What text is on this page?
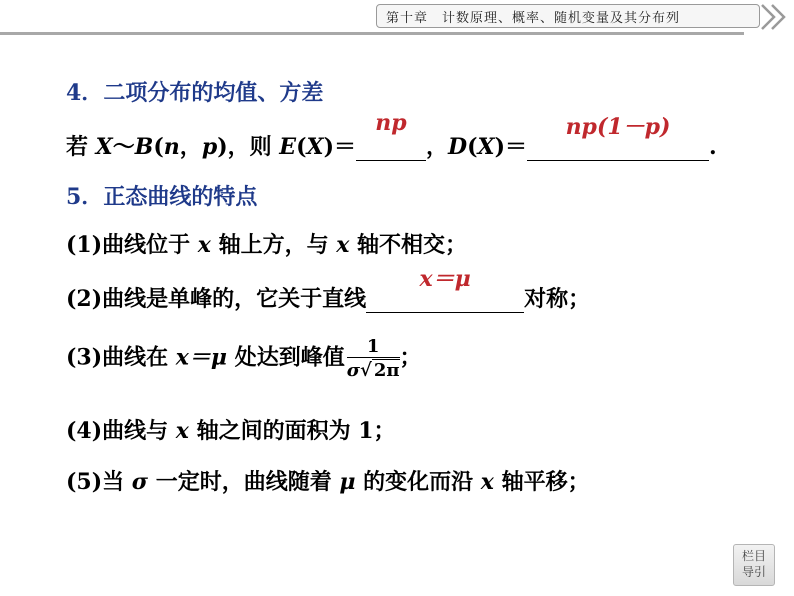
第十章　计数原理、概率、随机变量及其分布列
4．二项分布的均值、方差
若 X～B(n，p)，则 E(X)＝
np
，D(X)＝
np(1－p)
.
5．正态曲线的特点
(1)曲线位于 x 轴上方，与 x 轴不相交；
(2)曲线是单峰的，它关于直线
x＝μ
对称；
(3)曲线在 x＝μ 处达到峰值 $\frac{1}{\sigma√ 2\pi}$ ；
(4)曲线与 x 轴之间的面积为 1；
(5)当 σ 一定时，曲线随着 μ 的变化而沿 x 轴平移；
栏目
导引
